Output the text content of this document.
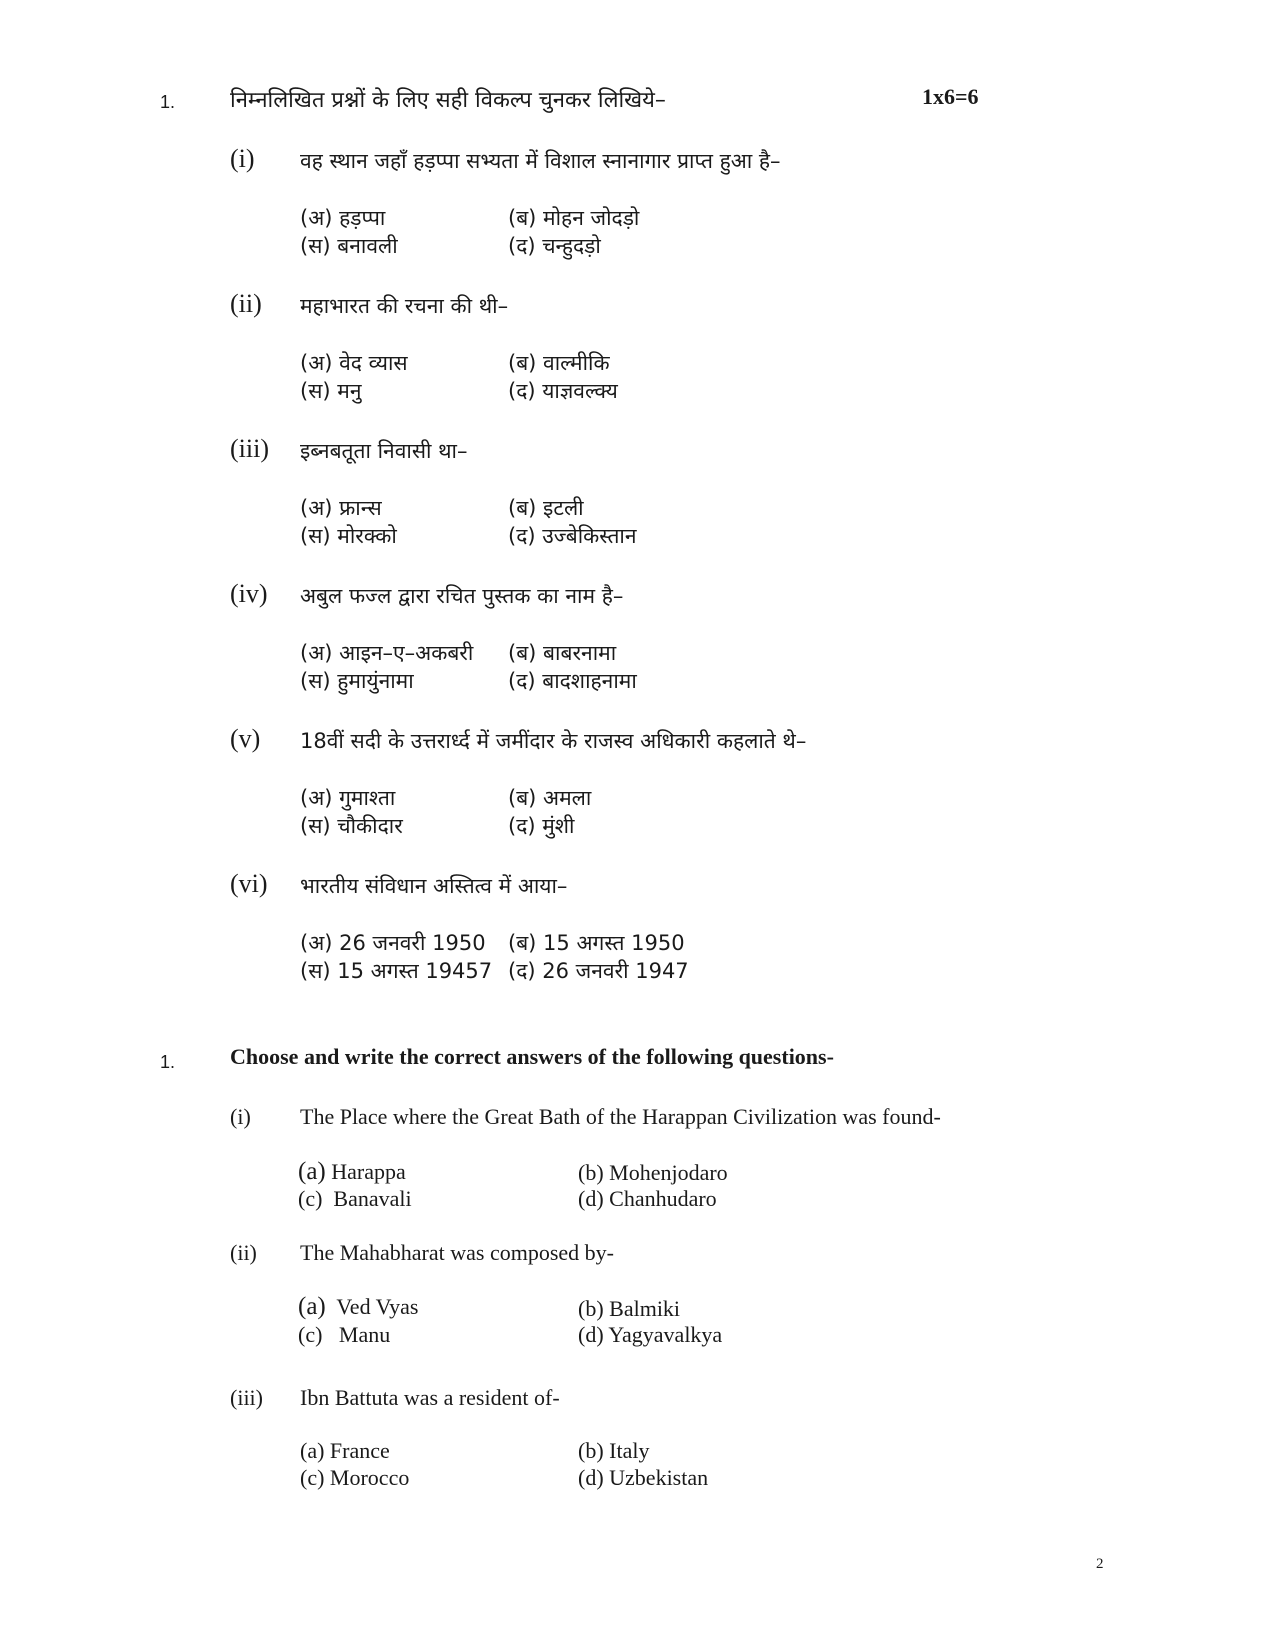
1. निम्नलिखित प्रश्नों के लिए सही विकल्प चुनकर लिखिये–	1x6=6
(i) वह स्थान जहाँ हड़प्पा सभ्यता में विशाल स्नानागार प्राप्त हुआ है–
(अ) हड़प्पा	(ब) मोहन जोदड़ो
(स) बनावली	(द) चन्हुदड़ो
(ii) महाभारत की रचना की थी–
(अ) वेद व्यास	(ब) वाल्मीकि
(स) मनु	(द) याज्ञवल्क्य
(iii) इब्नबतूता निवासी था–
(अ) फ्रान्स	(ब) इटली
(स) मोरक्को	(द) उज्बेकिस्तान
(iv) अबुल फज्ल द्वारा रचित पुस्तक का नाम है–
(अ) आइन–ए–अकबरी (ब) बाबरनामा
(स) हुमायुंनामा	(द) बादशाहनामा
(v) 18वीं सदी के उत्तरार्ध्द में जमींदार के राजस्व अधिकारी कहलाते थे–
(अ) गुमाश्ता	(ब) अमला
(स) चौकीदार	(द) मुंशी
(vi) भारतीय संविधान अस्तित्व में आया–
(अ) 26 जनवरी 1950 (ब) 15 अगस्त 1950
(स) 15 अगस्त 19457 (द) 26 जनवरी 1947
1. Choose and write the correct answers of the following questions-
(i) The Place where the Great Bath of the Harappan Civilization was found-
(a) Harappa	(b) Mohenjodaro
(c) Banavali	(d) Chanhudaro
(ii) The Mahabharat was composed by-
(a) Ved Vyas	(b) Balmiki
(c) Manu	(d) Yagyavalkya
(iii) Ibn Battuta was a resident of-
(a) France	(b) Italy
(c) Morocco	(d) Uzbekistan
2
